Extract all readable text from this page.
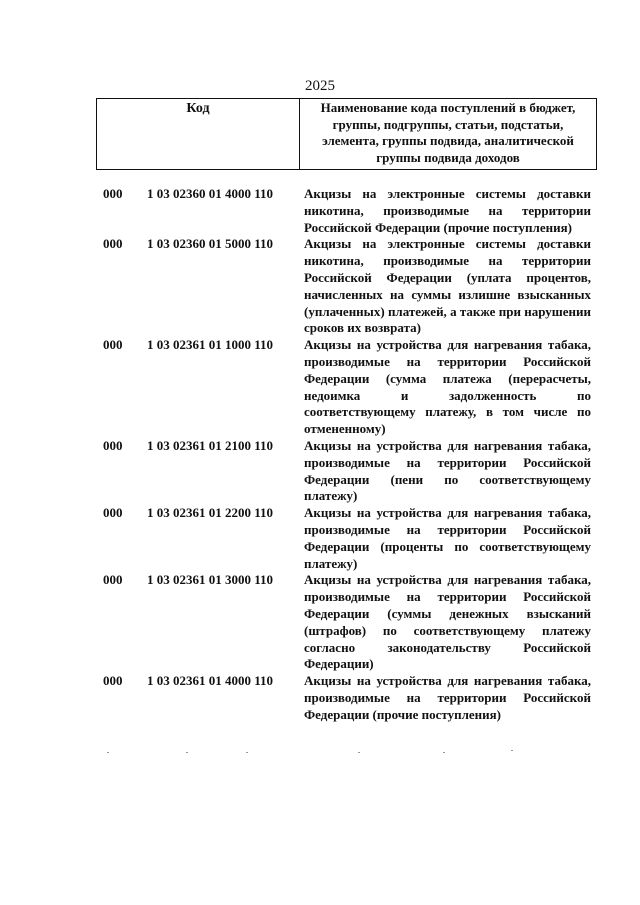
2025

Код	Наименование кода поступлений в бюджет, группы, подгруппы, статьи, подстатьи, элемента, группы подвида, аналитической группы подвида доходов
000	1 03 02360 01 4000 110	Акцизы на электронные системы доставки никотина, производимые на территории Российской Федерации (прочие поступления)
000	1 03 02360 01 5000 110	Акцизы на электронные системы доставки никотина, производимые на территории Российской Федерации (уплата процентов, начисленных на суммы излишне взысканных (уплаченных) платежей, а также при нарушении сроков их возврата)
000	1 03 02361 01 1000 110	Акцизы на устройства для нагревания табака, производимые на территории Российской Федерации (сумма платежа (перерасчеты, недоимка и задолженность по соответствующему платежу, в том числе по отмененному)
000	1 03 02361 01 2100 110	Акцизы на устройства для нагревания табака, производимые на территории Российской Федерации (пени по соответствующему платежу)
000	1 03 02361 01 2200 110	Акцизы на устройства для нагревания табака, производимые на территории Российской Федерации (проценты по соответствующему платежу)
000	1 03 02361 01 3000 110	Акцизы на устройства для нагревания табака, производимые на территории Российской Федерации (суммы денежных взысканий (штрафов) по соответствующему платежу согласно законодательству Российской Федерации)
000	1 03 02361 01 4000 110	Акцизы на устройства для нагревания табака, производимые на территории Российской Федерации (прочие поступления)
